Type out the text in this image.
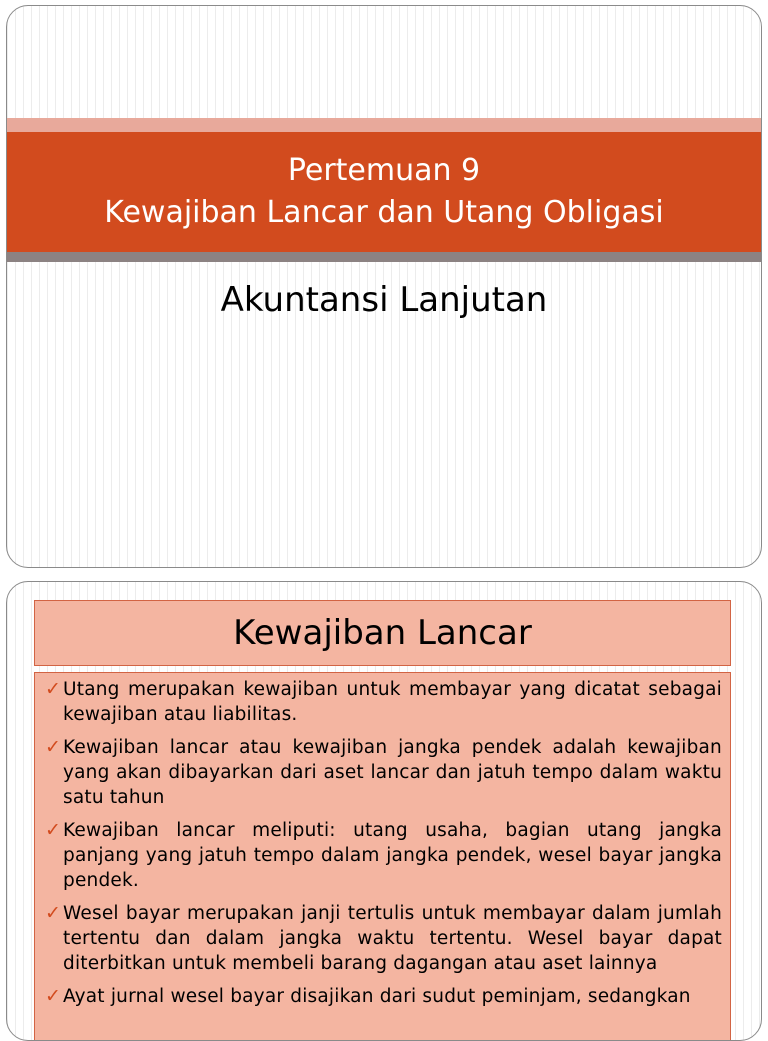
Pertemuan 9
Kewajiban Lancar dan Utang Obligasi
Akuntansi Lanjutan
Kewajiban Lancar
✓ Utang merupakan kewajiban untuk membayar yang dicatat sebagai kewajiban atau liabilitas.
✓ Kewajiban lancar atau kewajiban jangka pendek adalah kewajiban yang akan dibayarkan dari aset lancar dan jatuh tempo dalam waktu satu tahun
✓ Kewajiban lancar meliputi: utang usaha, bagian utang jangka panjang yang jatuh tempo dalam jangka pendek, wesel bayar jangka pendek.
✓ Wesel bayar merupakan janji tertulis untuk membayar dalam jumlah tertentu dan dalam jangka waktu tertentu. Wesel bayar dapat diterbitkan untuk membeli barang dagangan atau aset lainnya
✓ Ayat jurnal wesel bayar disajikan dari sudut peminjam, sedangkan
